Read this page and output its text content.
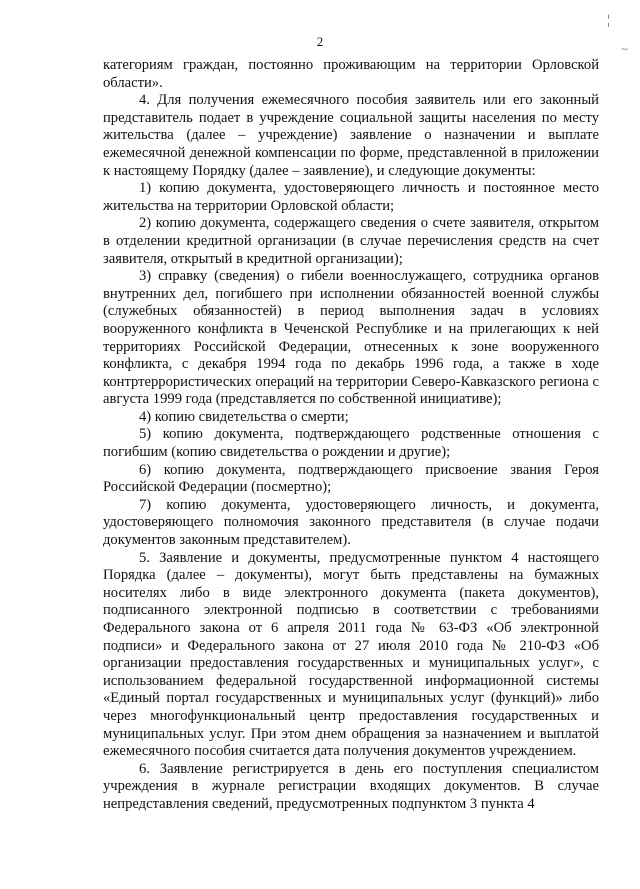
¦
~
2

категориям граждан, постоянно проживающим на территории Орловской области».

4. Для получения ежемесячного пособия заявитель или его законный представитель подает в учреждение социальной защиты населения по месту жительства (далее – учреждение) заявление о назначении и выплате ежемесячной денежной компенсации по форме, представленной в приложении к настоящему Порядку (далее – заявление), и следующие документы:

1) копию документа, удостоверяющего личность и постоянное место жительства на территории Орловской области;

2) копию документа, содержащего сведения о счете заявителя, открытом в отделении кредитной организации (в случае перечисления средств на счет заявителя, открытый в кредитной организации);

3) справку (сведения) о гибели военнослужащего, сотрудника органов внутренних дел, погибшего при исполнении обязанностей военной службы (служебных обязанностей) в период выполнения задач в условиях вооруженного конфликта в Чеченской Республике и на прилегающих к ней территориях Российской Федерации, отнесенных к зоне вооруженного конфликта, с декабря 1994 года по декабрь 1996 года, а также в ходе контртеррористических операций на территории Северо-Кавказского региона с августа 1999 года (представляется по собственной инициативе);

4) копию свидетельства о смерти;

5) копию документа, подтверждающего родственные отношения с погибшим (копию свидетельства о рождении и другие);

6) копию документа, подтверждающего присвоение звания Героя Российской Федерации (посмертно);

7) копию документа, удостоверяющего личность, и документа, удостоверяющего полномочия законного представителя (в случае подачи документов законным представителем).

5. Заявление и документы, предусмотренные пунктом 4 настоящего Порядка (далее – документы), могут быть представлены на бумажных носителях либо в виде электронного документа (пакета документов), подписанного электронной подписью в соответствии с требованиями Федерального закона от 6 апреля 2011 года № 63-ФЗ «Об электронной подписи» и Федерального закона от 27 июля 2010 года № 210-ФЗ «Об организации предоставления государственных и муниципальных услуг», с использованием федеральной государственной информационной системы «Единый портал государственных и муниципальных услуг (функций)» либо через многофункциональный центр предоставления государственных и муниципальных услуг. При этом днем обращения за назначением и выплатой ежемесячного пособия считается дата получения документов учреждением.

6. Заявление регистрируется в день его поступления специалистом учреждения в журнале регистрации входящих документов. В случае непредставления сведений, предусмотренных подпунктом 3 пункта 4
